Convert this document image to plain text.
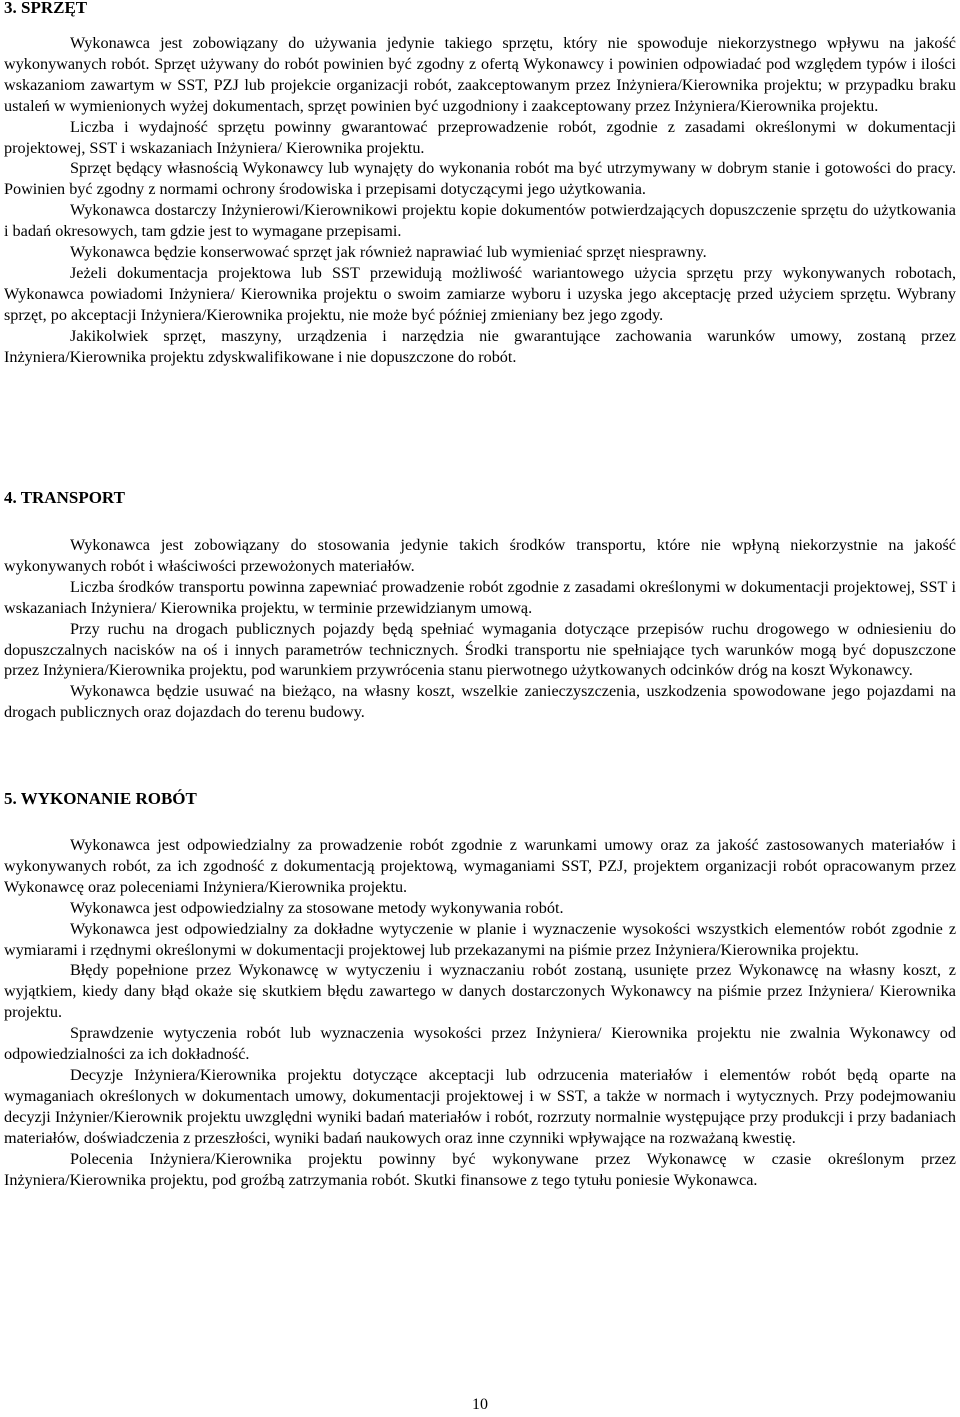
3. SPRZĘT

Wykonawca jest zobowiązany do używania jedynie takiego sprzętu, który nie spowoduje niekorzystnego wpływu na jakość wykonywanych robót. Sprzęt używany do robót powinien być zgodny z ofertą Wykonawcy i powinien odpowiadać pod względem typów i ilości wskazaniom zawartym w SST, PZJ lub projekcie organizacji robót, zaakceptowanym przez Inżyniera/Kierownika projektu; w przypadku braku ustaleń w wymienionych wyżej dokumentach, sprzęt powinien być uzgodniony i zaakceptowany przez Inżyniera/Kierownika projektu.

Liczba i wydajność sprzętu powinny gwarantować przeprowadzenie robót, zgodnie z zasadami określonymi w dokumentacji projektowej, SST i wskazaniach Inżyniera/ Kierownika projektu.

Sprzęt będący własnością Wykonawcy lub wynajęty do wykonania robót ma być utrzymywany w dobrym stanie i gotowości do pracy. Powinien być zgodny z normami ochrony środowiska i przepisami dotyczącymi jego użytkowania.

Wykonawca dostarczy Inżynierowi/Kierownikowi projektu kopie dokumentów potwierdzających dopuszczenie sprzętu do użytkowania i badań okresowych, tam gdzie jest to wymagane przepisami.

Wykonawca będzie konserwować sprzęt jak również naprawiać lub wymieniać sprzęt niesprawny.

Jeżeli dokumentacja projektowa lub SST przewidują możliwość wariantowego użycia sprzętu przy wykonywanych robotach, Wykonawca powiadomi Inżyniera/ Kierownika projektu o swoim zamiarze wyboru i uzyska jego akceptację przed użyciem sprzętu. Wybrany sprzęt, po akceptacji Inżyniera/Kierownika projektu, nie może być później zmieniany bez jego zgody.

Jakikolwiek sprzęt, maszyny, urządzenia i narzędzia nie gwarantujące zachowania warunków umowy, zostaną przez Inżyniera/Kierownika projektu zdyskwalifikowane i nie dopuszczone do robót.

4. TRANSPORT

Wykonawca jest zobowiązany do stosowania jedynie takich środków transportu, które nie wpłyną niekorzystnie na jakość wykonywanych robót i właściwości przewożonych materiałów.

Liczba środków transportu powinna zapewniać prowadzenie robót zgodnie z zasadami określonymi w dokumentacji projektowej, SST i wskazaniach Inżyniera/ Kierownika projektu, w terminie przewidzianym umową.

Przy ruchu na drogach publicznych pojazdy będą spełniać wymagania dotyczące przepisów ruchu drogowego w odniesieniu do dopuszczalnych nacisków na oś i innych parametrów technicznych. Środki transportu nie spełniające tych warunków mogą być dopuszczone przez Inżyniera/Kierownika projektu, pod warunkiem przywrócenia stanu pierwotnego użytkowanych odcinków dróg na koszt Wykonawcy.

Wykonawca będzie usuwać na bieżąco, na własny koszt, wszelkie zanieczyszczenia, uszkodzenia spowodowane jego pojazdami na drogach publicznych oraz dojazdach do terenu budowy.

5. WYKONANIE ROBÓT

Wykonawca jest odpowiedzialny za prowadzenie robót zgodnie z warunkami umowy oraz za jakość zastosowanych materiałów i wykonywanych robót, za ich zgodność z dokumentacją projektową, wymaganiami SST, PZJ, projektem organizacji robót opracowanym przez Wykonawcę oraz poleceniami Inżyniera/Kierownika projektu.

Wykonawca jest odpowiedzialny za stosowane metody wykonywania robót.

Wykonawca jest odpowiedzialny za dokładne wytyczenie w planie i wyznaczenie wysokości wszystkich elementów robót zgodnie z wymiarami i rzędnymi określonymi w dokumentacji projektowej lub przekazanymi na piśmie przez Inżyniera/Kierownika projektu.

Błędy popełnione przez Wykonawcę w wytyczeniu i wyznaczaniu robót zostaną, usunięte przez Wykonawcę na własny koszt, z wyjątkiem, kiedy dany błąd okaże się skutkiem błędu zawartego w danych dostarczonych Wykonawcy na piśmie przez Inżyniera/ Kierownika projektu.

Sprawdzenie wytyczenia robót lub wyznaczenia wysokości przez Inżyniera/ Kierownika projektu nie zwalnia Wykonawcy od odpowiedzialności za ich dokładność.

Decyzje Inżyniera/Kierownika projektu dotyczące akceptacji lub odrzucenia materiałów i elementów robót będą oparte na wymaganiach określonych w dokumentach umowy, dokumentacji projektowej i w SST, a także w normach i wytycznych. Przy podejmowaniu decyzji Inżynier/Kierownik projektu uwzględni wyniki badań materiałów i robót, rozrzuty normalnie występujące przy produkcji i przy badaniach materiałów, doświadczenia z przeszłości, wyniki badań naukowych oraz inne czynniki wpływające na rozważaną kwestię.

Polecenia Inżyniera/Kierownika projektu powinny być wykonywane przez Wykonawcę w czasie określonym przez Inżyniera/Kierownika projektu, pod groźbą zatrzymania robót. Skutki finansowe z tego tytułu poniesie Wykonawca.

10
